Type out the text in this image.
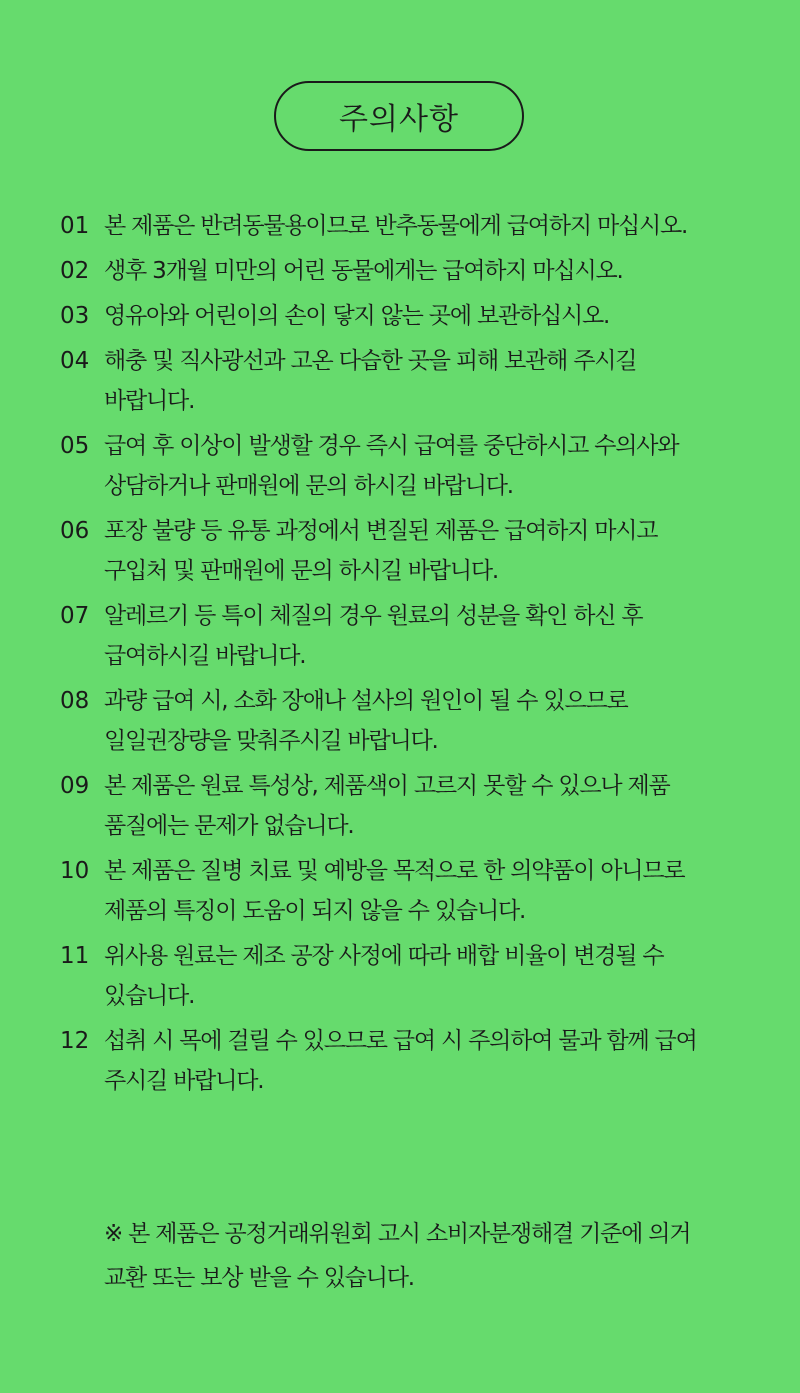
주의사항
01 본 제품은 반려동물용이므로 반추동물에게 급여하지 마십시오.
02 생후 3개월 미만의 어린 동물에게는 급여하지 마십시오.
03 영유아와 어린이의 손이 닿지 않는 곳에 보관하십시오.
04 해충 및 직사광선과 고온 다습한 곳을 피해 보관해 주시길
바랍니다.
05 급여 후 이상이 발생할 경우 즉시 급여를 중단하시고 수의사와
상담하거나 판매원에 문의 하시길 바랍니다.
06 포장 불량 등 유통 과정에서 변질된 제품은 급여하지 마시고
구입처 및 판매원에 문의 하시길 바랍니다.
07 알레르기 등 특이 체질의 경우 원료의 성분을 확인 하신 후
급여하시길 바랍니다.
08 과량 급여 시, 소화 장애나 설사의 원인이 될 수 있으므로
일일권장량을 맞춰주시길 바랍니다.
09 본 제품은 원료 특성상, 제품색이 고르지 못할 수 있으나 제품
품질에는 문제가 없습니다.
10 본 제품은 질병 치료 및 예방을 목적으로 한 의약품이 아니므로
제품의 특징이 도움이 되지 않을 수 있습니다.
11 위사용 원료는 제조 공장 사정에 따라 배합 비율이 변경될 수
있습니다.
12 섭취 시 목에 걸릴 수 있으므로 급여 시 주의하여 물과 함께 급여
주시길 바랍니다.
※ 본 제품은 공정거래위원회 고시 소비자분쟁해결 기준에 의거
교환 또는 보상 받을 수 있습니다.
